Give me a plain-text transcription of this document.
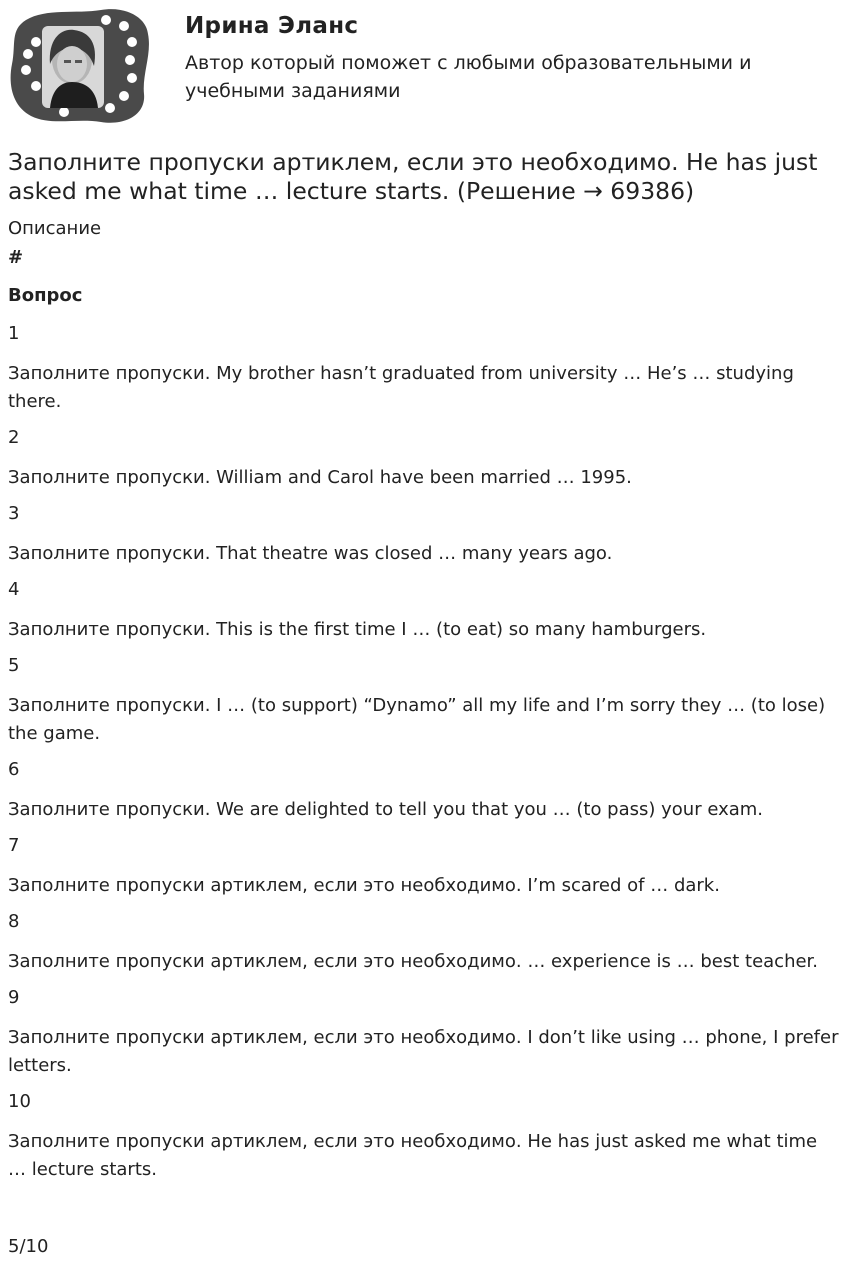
Ирина Эланс
Автор который поможет с любыми образовательными и учебными заданиями
Заполните пропуски артиклем, если это необходимо. He has just asked me what time … lecture starts. (Решение → 69386)
Описание
#
Вопрос
1
Заполните пропуски. My brother hasn’t graduated from university … He’s … studying there.
2
Заполните пропуски. William and Carol have been married … 1995.
3
Заполните пропуски. That theatre was closed … many years ago.
4
Заполните пропуски. This is the first time I … (to eat) so many hamburgers.
5
Заполните пропуски. I … (to support) “Dynamo” all my life and I’m sorry they … (to lose) the game.
6
Заполните пропуски. We are delighted to tell you that you … (to pass) your exam.
7
Заполните пропуски артиклем, если это необходимо. I’m scared of … dark.
8
Заполните пропуски артиклем, если это необходимо. … experience is … best teacher.
9
Заполните пропуски артиклем, если это необходимо. I don’t like using … phone, I prefer letters.
10
Заполните пропуски артиклем, если это необходимо. He has just asked me what time … lecture starts.
5/10
